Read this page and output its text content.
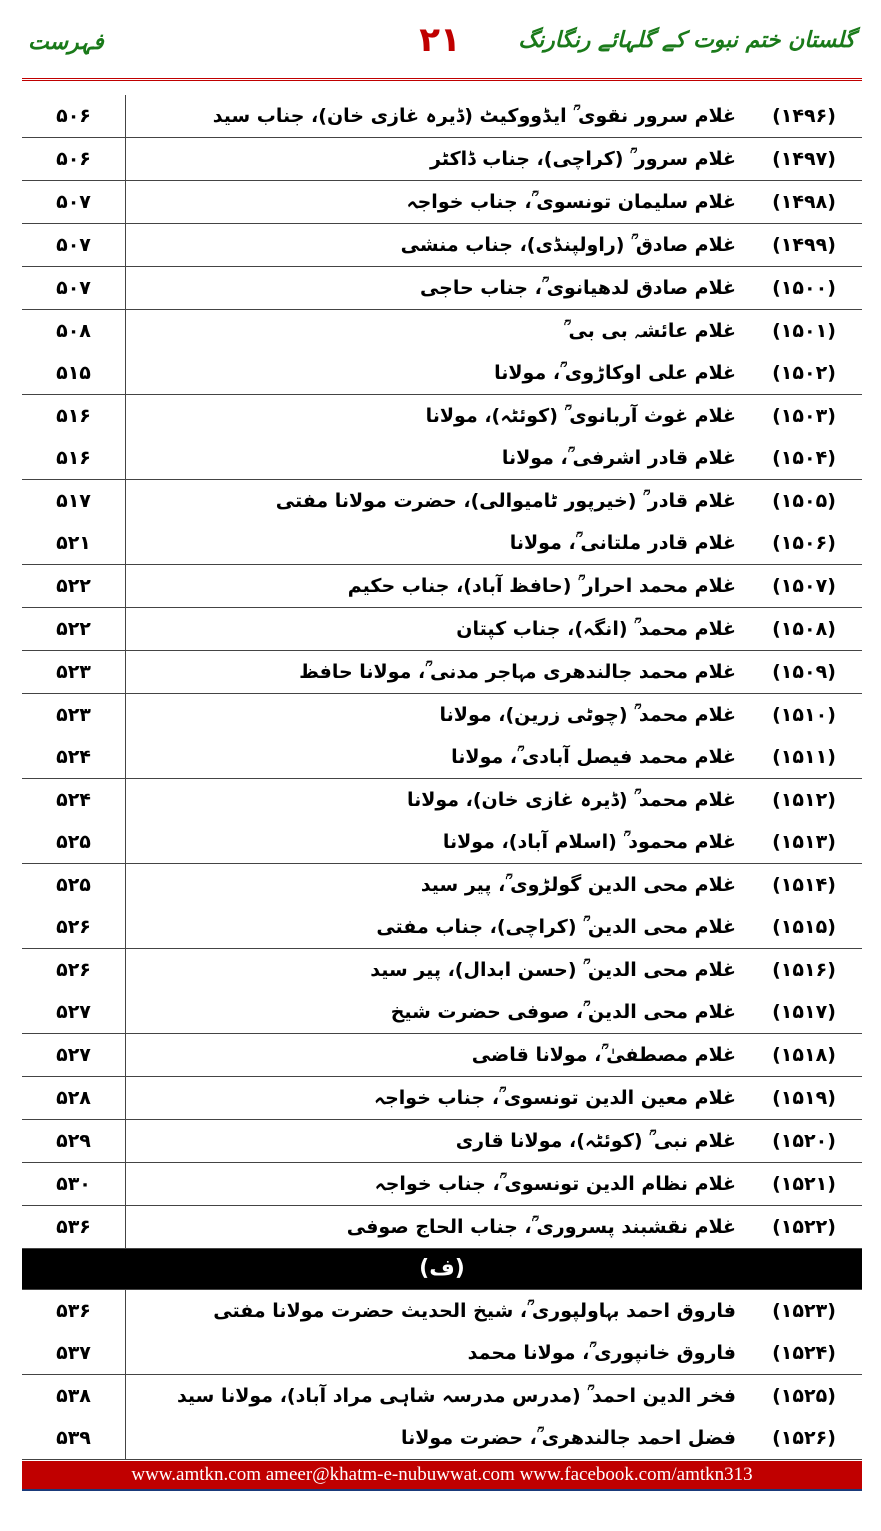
فہرست	۲۱	گلستان ختم نبوت کے گلہائے رنگارنگ
(۱۴۹۶)
غلام سرور نقوی ؒ ایڈووکیٹ (ڈیرہ غازی خان)، جناب سید
۵۰۶
(۱۴۹۷)
غلام سرور ؒ (کراچی)، جناب ڈاکٹر
۵۰۶
(۱۴۹۸)
غلام سلیمان تونسوی ؒ، جناب خواجہ
۵۰۷
(۱۴۹۹)
غلام صادق ؒ (راولپنڈی)، جناب منشی
۵۰۷
(۱۵۰۰)
غلام صادق لدھیانوی ؒ، جناب حاجی
۵۰۷
(۱۵۰۱)
غلام عائشہ بی بی ؒ
۵۰۸
(۱۵۰۲)
غلام علی اوکاڑوی ؒ، مولانا
۵۱۵
(۱۵۰۳)
غلام غوث آربانوی ؒ (کوئٹہ)، مولانا
۵۱۶
(۱۵۰۴)
غلام قادر اشرفی ؒ، مولانا
۵۱۶
(۱۵۰۵)
غلام قادر ؒ (خیرپور ٹامیوالی)، حضرت مولانا مفتی
۵۱۷
(۱۵۰۶)
غلام قادر ملتانی ؒ، مولانا
۵۲۱
(۱۵۰۷)
غلام محمد احرار ؒ (حافظ آباد)، جناب حکیم
۵۲۲
(۱۵۰۸)
غلام محمد ؒ (انگہ)، جناب کپتان
۵۲۲
(۱۵۰۹)
غلام محمد جالندھری مہاجر مدنی ؒ، مولانا حافظ
۵۲۳
(۱۵۱۰)
غلام محمد ؒ (چوٹی زرین)، مولانا
۵۲۳
(۱۵۱۱)
غلام محمد فیصل آبادی ؒ، مولانا
۵۲۴
(۱۵۱۲)
غلام محمد ؒ (ڈیرہ غازی خان)، مولانا
۵۲۴
(۱۵۱۳)
غلام محمود ؒ (اسلام آباد)، مولانا
۵۲۵
(۱۵۱۴)
غلام محی الدین گولڑوی ؒ، پیر سید
۵۲۵
(۱۵۱۵)
غلام محی الدین ؒ (کراچی)، جناب مفتی
۵۲۶
(۱۵۱۶)
غلام محی الدین ؒ (حسن ابدال)، پیر سید
۵۲۶
(۱۵۱۷)
غلام محی الدین ؒ، صوفی حضرت شیخ
۵۲۷
(۱۵۱۸)
غلام مصطفیٰ ؒ، مولانا قاضی
۵۲۷
(۱۵۱۹)
غلام معین الدین تونسوی ؒ، جناب خواجہ
۵۲۸
(۱۵۲۰)
غلام نبی ؒ (کوئٹہ)، مولانا قاری
۵۲۹
(۱۵۲۱)
غلام نظام الدین تونسوی ؒ، جناب خواجہ
۵۳۰
(۱۵۲۲)
غلام نقشبند پسروری ؒ، جناب الحاج صوفی
۵۳۶
(ف)
(۱۵۲۳)
فاروق احمد بہاولپوری ؒ، شیخ الحدیث حضرت مولانا مفتی
۵۳۶
(۱۵۲۴)
فاروق خانپوری ؒ، مولانا محمد
۵۳۷
(۱۵۲۵)
فخر الدین احمد ؒ (مدرس مدرسہ شاہی مراد آباد)، مولانا سید
۵۳۸
(۱۵۲۶)
فضل احمد جالندھری ؒ، حضرت مولانا
۵۳۹
www.amtkn.com ameer@khatm-e-nubuwwat.com www.facebook.com/amtkn313
